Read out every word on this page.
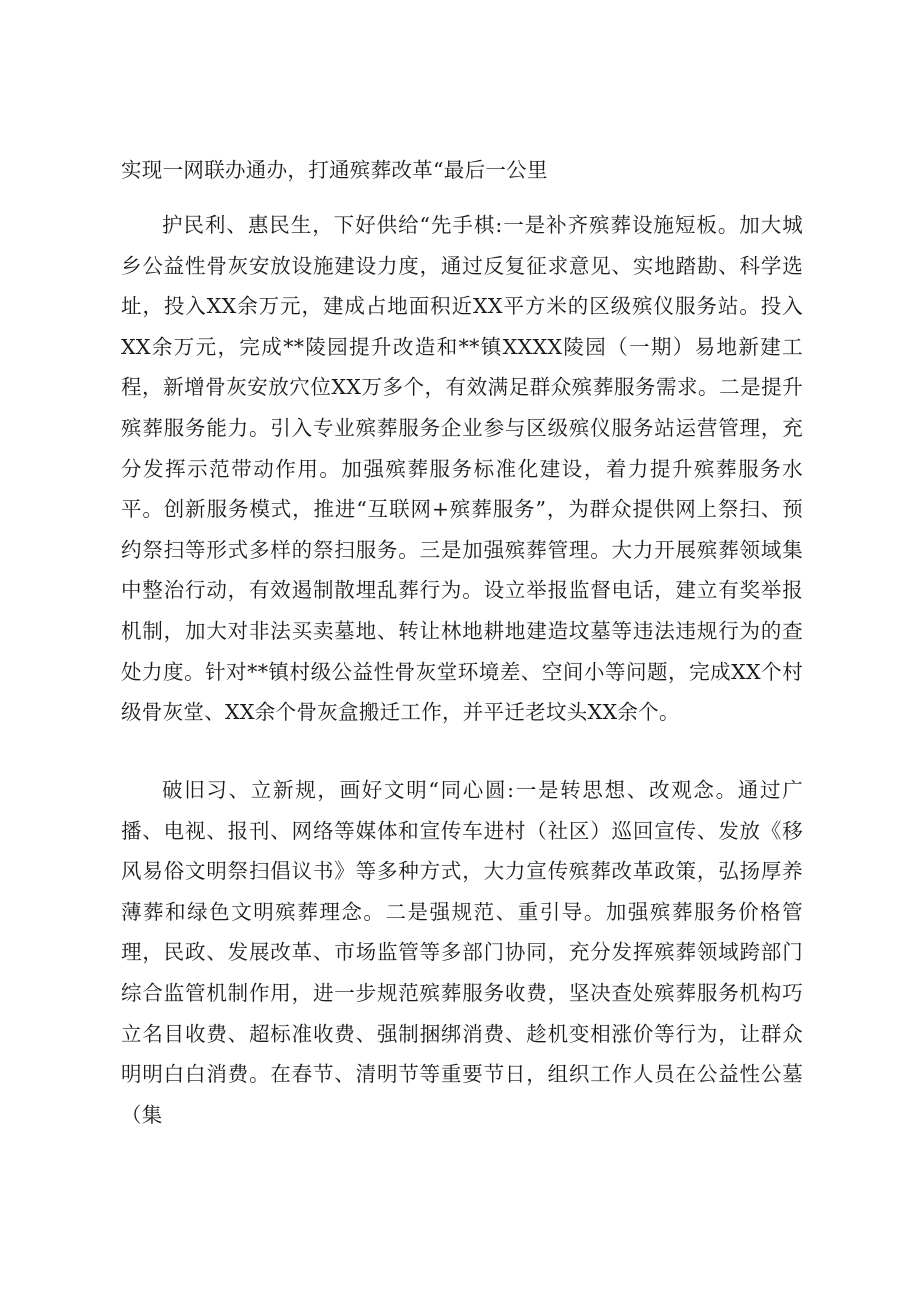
实现一网联办通办，打通殡葬改革“最后一公里

护民利、惠民生，下好供给“先手棋:一是补齐殡葬设施短板。加大城乡公益性骨灰安放设施建设力度，通过反复征求意见、实地踏勘、科学选址，投入XX余万元，建成占地面积近XX平方米的区级殡仪服务站。投入XX余万元，完成**陵园提升改造和**镇XXXX陵园（一期）易地新建工程，新增骨灰安放穴位XX万多个，有效满足群众殡葬服务需求。二是提升殡葬服务能力。引入专业殡葬服务企业参与区级殡仪服务站运营管理，充分发挥示范带动作用。加强殡葬服务标准化建设，着力提升殡葬服务水平。创新服务模式，推进“互联网+殡葬服务”，为群众提供网上祭扫、预约祭扫等形式多样的祭扫服务。三是加强殡葬管理。大力开展殡葬领域集中整治行动，有效遏制散埋乱葬行为。设立举报监督电话，建立有奖举报机制，加大对非法买卖墓地、转让林地耕地建造坟墓等违法违规行为的查处力度。针对**镇村级公益性骨灰堂环境差、空间小等问题，完成XX个村级骨灰堂、XX余个骨灰盒搬迁工作，并平迁老坟头XX余个。

破旧习、立新规，画好文明“同心圆:一是转思想、改观念。通过广播、电视、报刊、网络等媒体和宣传车进村（社区）巡回宣传、发放《移风易俗文明祭扫倡议书》等多种方式，大力宣传殡葬改革政策，弘扬厚养薄葬和绿色文明殡葬理念。二是强规范、重引导。加强殡葬服务价格管理，民政、发展改革、市场监管等多部门协同，充分发挥殡葬领域跨部门综合监管机制作用，进一步规范殡葬服务收费，坚决查处殡葬服务机构巧立名目收费、超标准收费、强制捆绑消费、趁机变相涨价等行为，让群众明明白白消费。在春节、清明节等重要节日，组织工作人员在公益性公墓（集
